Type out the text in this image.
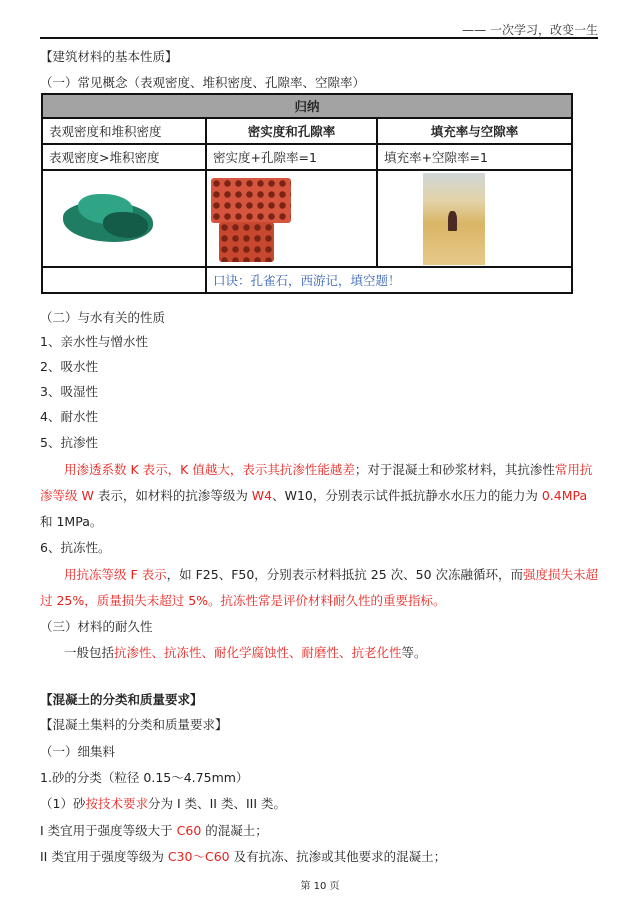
—— 一次学习，改变一生
【建筑材料的基本性质】
（一）常见概念（表观密度、堆积密度、孔隙率、空隙率）
归纳		
表观密度和堆积密度	密实度和孔隙率	填充率与空隙率
表观密度>堆积密度	密实度+孔隙率=1	填充率+空隙率=1

	口诀：孔雀石，西游记，填空题！	
（二）与水有关的性质
1、亲水性与憎水性
2、吸水性
3、吸湿性
4、耐水性
5、抗渗性
用渗透系数 K 表示，K 值越大，表示其抗渗性能越差；对于混凝土和砂浆材料，其抗渗性常用抗
渗等级 W 表示，如材料的抗渗等级为 W4、W10，分别表示试件抵抗静水水压力的能力为 0.4MPa
和 1MPa。
6、抗冻性。
用抗冻等级 F 表示，如 F25、F50，分别表示材料抵抗 25 次、50 次冻融循环，而强度损失未超
过 25%，质量损失未超过 5%。抗冻性常是评价材料耐久性的重要指标。
（三）材料的耐久性
一般包括抗渗性、抗冻性、耐化学腐蚀性、耐磨性、抗老化性等。
【混凝土的分类和质量要求】
【混凝土集料的分类和质量要求】
（一）细集料
1.砂的分类（粒径 0.15～4.75mm）
（1）砂按技术要求分为 I 类、II 类、III 类。
I 类宜用于强度等级大于 C60 的混凝土；
II 类宜用于强度等级为 C30～C60 及有抗冻、抗渗或其他要求的混凝土；
第 10 页
